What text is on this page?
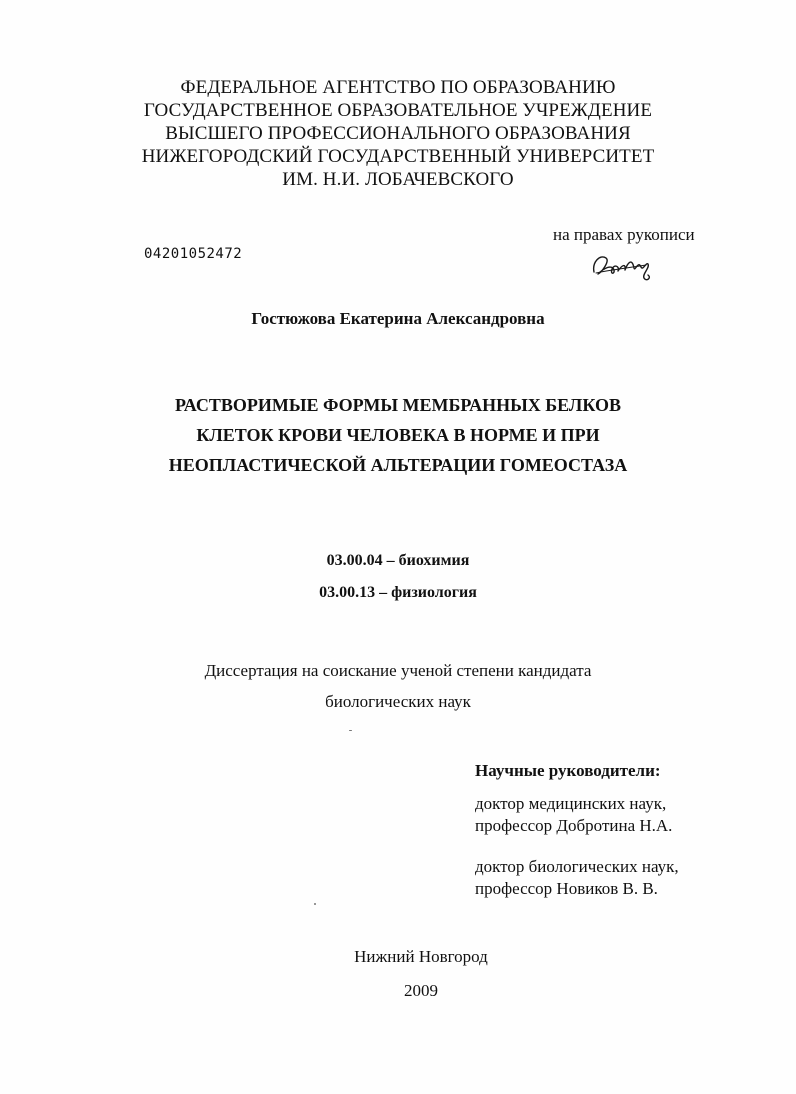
ФЕДЕРАЛЬНОЕ АГЕНТСТВО ПО ОБРАЗОВАНИЮ
ГОСУДАРСТВЕННОЕ ОБРАЗОВАТЕЛЬНОЕ УЧРЕЖДЕНИЕ
ВЫСШЕГО ПРОФЕССИОНАЛЬНОГО ОБРАЗОВАНИЯ
НИЖЕГОРОДСКИЙ ГОСУДАРСТВЕННЫЙ УНИВЕРСИТЕТ
ИМ. Н.И. ЛОБАЧЕВСКОГО
на правах рукописи
04201052472
Гостюжова Екатерина Александровна
РАСТВОРИМЫЕ ФОРМЫ МЕМБРАННЫХ БЕЛКОВ
КЛЕТОК КРОВИ ЧЕЛОВЕКА В НОРМЕ И ПРИ
НЕОПЛАСТИЧЕСКОЙ АЛЬТЕРАЦИИ ГОМЕОСТАЗА
03.00.04 – биохимия
03.00.13 – физиология
Диссертация на соискание ученой степени кандидата
биологических наук
Научные руководители:
доктор медицинских наук,
профессор Добротина Н.А.
доктор биологических наук,
профессор Новиков В. В.
Нижний Новгород
2009
